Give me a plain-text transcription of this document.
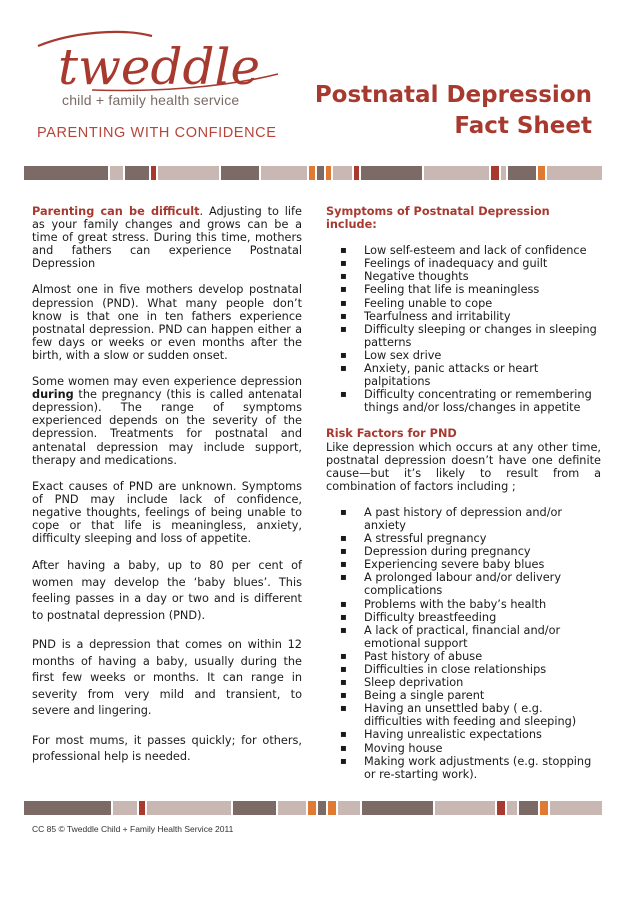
tweddle
child + family health service
PARENTING WITH CONFIDENCE
Postnatal Depression
Fact Sheet

Parenting can be difficult. Adjusting to life as your family changes and grows can be a time of great stress. During this time, mothers and fathers can experience Postnatal Depression

Almost one in five mothers develop postnatal depression (PND). What many people don’t know is that one in ten fathers experience postnatal depression. PND can happen either a few days or weeks or even months after the birth, with a slow or sudden onset.

Some women may even experience depression during the pregnancy (this is called antenatal depression). The range of symptoms experienced depends on the severity of the depression. Treatments for postnatal and antenatal depression may include support, therapy and medications.

Exact causes of PND are unknown. Symptoms of PND may include lack of confidence, negative thoughts, feelings of being unable to cope or that life is meaningless, anxiety, difficulty sleeping and loss of appetite.

After having a baby, up to 80 per cent of women may develop the ‘baby blues’. This feeling passes in a day or two and is different to postnatal depression (PND).

PND is a depression that comes on within 12 months of having a baby, usually during the first few weeks or months. It can range in severity from very mild and transient, to severe and lingering.

For most mums, it passes quickly; for others, professional help is needed.

Symptoms of Postnatal Depression include:
▪ Low self-esteem and lack of confidence
▪ Feelings of inadequacy and guilt
▪ Negative thoughts
▪ Feeling that life is meaningless
▪ Feeling unable to cope
▪ Tearfulness and irritability
▪ Difficulty sleeping or changes in sleeping patterns
▪ Low sex drive
▪ Anxiety, panic attacks or heart palpitations
▪ Difficulty concentrating or remembering things and/or loss/changes in appetite
Risk Factors for PND
Like depression which occurs at any other time, postnatal depression doesn’t have one definite cause—but it’s likely to result from a combination of factors including ;
▪ A past history of depression and/or anxiety
▪ A stressful pregnancy
▪ Depression during pregnancy
▪ Experiencing severe baby blues
▪ A prolonged labour and/or delivery complications
▪ Problems with the baby’s health
▪ Difficulty breastfeeding
▪ A lack of practical, financial and/or emotional support
▪ Past history of abuse
▪ Difficulties in close relationships
▪ Sleep deprivation
▪ Being a single parent
▪ Having an unsettled baby ( e.g. difficulties with feeding and sleeping)
▪ Having unrealistic expectations
▪ Moving house
▪ Making work adjustments (e.g. stopping or re-starting work).
CC 85 © Tweddle Child + Family Health Service 2011
